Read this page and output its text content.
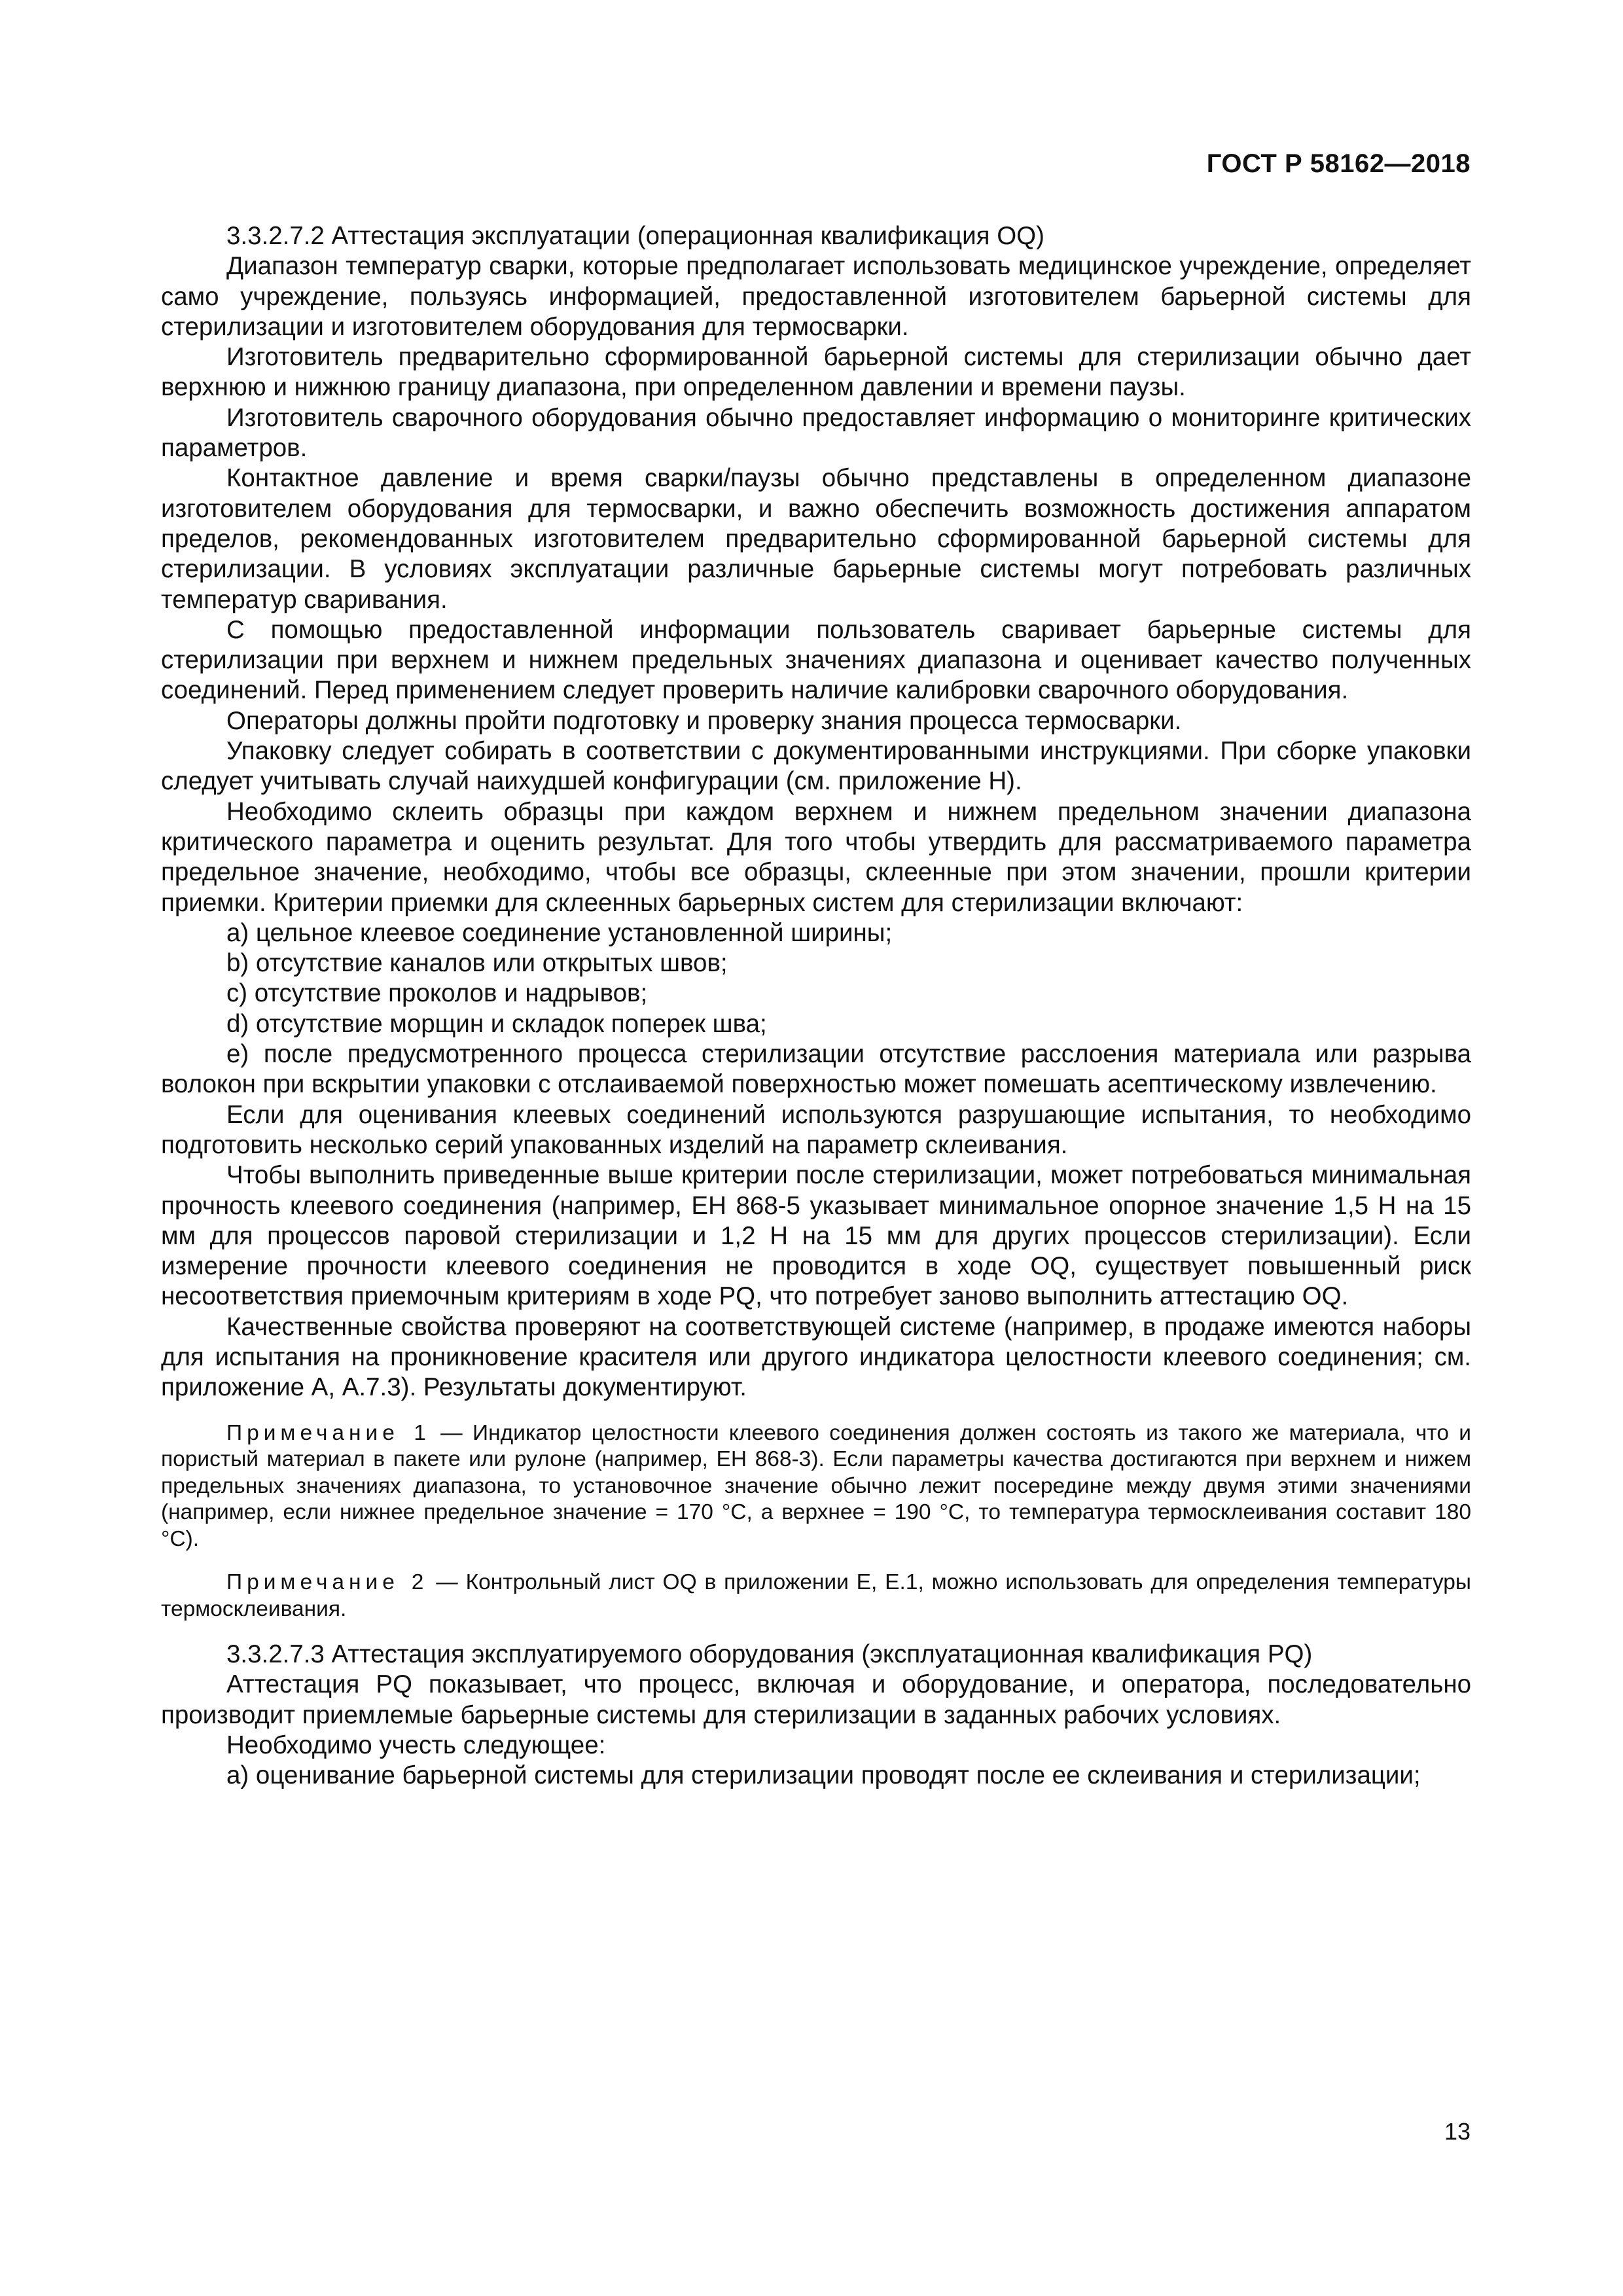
ГОСТ Р 58162—2018

3.3.2.7.2 Аттестация эксплуатации (операционная квалификация OQ)

Диапазон температур сварки, которые предполагает использовать медицинское учреждение, определяет само учреждение, пользуясь информацией, предоставленной изготовителем барьерной системы для стерилизации и изготовителем оборудования для термосварки.

Изготовитель предварительно сформированной барьерной системы для стерилизации обычно дает верхнюю и нижнюю границу диапазона, при определенном давлении и времени паузы.

Изготовитель сварочного оборудования обычно предоставляет информацию о мониторинге критических параметров.

Контактное давление и время сварки/паузы обычно представлены в определенном диапазоне изготовителем оборудования для термосварки, и важно обеспечить возможность достижения аппаратом пределов, рекомендованных изготовителем предварительно сформированной барьерной системы для стерилизации. В условиях эксплуатации различные барьерные системы могут потребовать различных температур сваривания.

С помощью предоставленной информации пользователь сваривает барьерные системы для стерилизации при верхнем и нижнем предельных значениях диапазона и оценивает качество полученных соединений. Перед применением следует проверить наличие калибровки сварочного оборудования.

Операторы должны пройти подготовку и проверку знания процесса термосварки.

Упаковку следует собирать в соответствии с документированными инструкциями. При сборке упаковки следует учитывать случай наихудшей конфигурации (см. приложение Н).

Необходимо склеить образцы при каждом верхнем и нижнем предельном значении диапазона критического параметра и оценить результат. Для того чтобы утвердить для рассматриваемого параметра предельное значение, необходимо, чтобы все образцы, склеенные при этом значении, прошли критерии приемки. Критерии приемки для склеенных барьерных систем для стерилизации включают:

a) цельное клеевое соединение установленной ширины;

b) отсутствие каналов или открытых швов;

c) отсутствие проколов и надрывов;

d) отсутствие морщин и складок поперек шва;

e) после предусмотренного процесса стерилизации отсутствие расслоения материала или разрыва волокон при вскрытии упаковки с отслаиваемой поверхностью может помешать асептическому извлечению.

Если для оценивания клеевых соединений используются разрушающие испытания, то необходимо подготовить несколько серий упакованных изделий на параметр склеивания.

Чтобы выполнить приведенные выше критерии после стерилизации, может потребоваться минимальная прочность клеевого соединения (например, ЕН 868-5 указывает минимальное опорное значение 1,5 Н на 15 мм для процессов паровой стерилизации и 1,2 Н на 15 мм для других процессов стерилизации). Если измерение прочности клеевого соединения не проводится в ходе OQ, существует повышенный риск несоответствия приемочным критериям в ходе PQ, что потребует заново выполнить аттестацию OQ.

Качественные свойства проверяют на соответствующей системе (например, в продаже имеются наборы для испытания на проникновение красителя или другого индикатора целостности клеевого соединения; см. приложение А, А.7.3). Результаты документируют.

Примечание 1 — Индикатор целостности клеевого соединения должен состоять из такого же материала, что и пористый материал в пакете или рулоне (например, ЕН 868-3). Если параметры качества достигаются при верхнем и нижем предельных значениях диапазона, то установочное значение обычно лежит посередине между двумя этими значениями (например, если нижнее предельное значение = 170 °C, а верхнее = 190 °C, то температура термосклеивания составит 180 °C).

Примечание 2 — Контрольный лист OQ в приложении Е, Е.1, можно использовать для определения температуры термосклеивания.

3.3.2.7.3 Аттестация эксплуатируемого оборудования (эксплуатационная квалификация PQ)

Аттестация PQ показывает, что процесс, включая и оборудование, и оператора, последовательно производит приемлемые барьерные системы для стерилизации в заданных рабочих условиях.

Необходимо учесть следующее:

а) оценивание барьерной системы для стерилизации проводят после ее склеивания и стерилизации;

13
